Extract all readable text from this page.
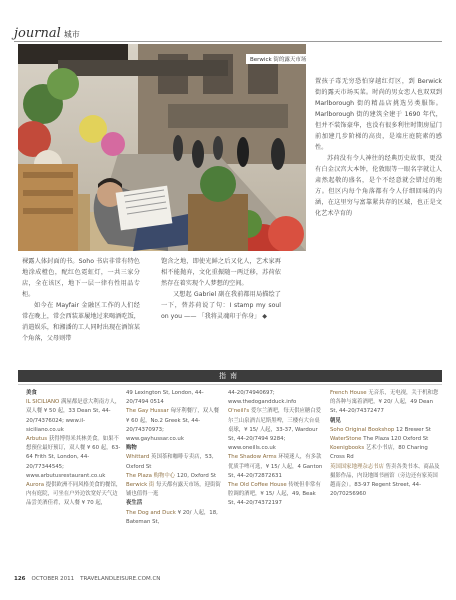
journal 城市
Berwick 街的露天市场

置孩子毒无穷恐怕穿越红灯区，到 Berwick 街的露天市场买菜。时尚的男女恋人也双双到 Marlborough 街的精品店挑选另类服饰。Marlborough 街的建筑全建于 1690 年代，但并不装饰豪华，也没有很多利往时期房屋门前加建几步阶梯的高贵，是端庄庭院素的感性。

苏荷没有令人神往的经典历史故事，更没有白金汉宫大本钟，伦敦眼等一眼名字就让人肃然起敬的盛名，是个不经意就会错过的地方。但区内每个角落都有令人仔细回味的内涵，在这里穷与富靠紧共存的区域，也正是文化艺术孕育的

裸露人体封面的书。Soho 书店非常有特色地涂成橙色，配红色霓虹灯，一共三家分店，全在该区，地下一层一律有性用品专柜。

如今在 Mayfair 金融区工作的人们经常在晚上，常会西装革履地过来喝酒吃饭，消遣娱乐，和湘潘的工人同时出现在酒馆某个角落，父母则带

饱含之地，即使光鲜之后又化人，艺术家再相不能抛弃，文化重振随一两迁移，苏荷依然存在着实现个人梦想的空间。

又想起 Gabriel 副在我前都用局描绘了一下，替苏荷说了句：I stamp my soul on you —— 「我将灵魂印于你身」 ◆

指南
美食
IL SICILIANO 满屋都是意大利南方人，双人餐 ¥ 50 起，33 Dean St, 44-20/74376024; www.il-siciliano.co.uk
Arbutus 获得博得米其林美食。如果不想预位最好预订，双人餐 ¥ 60 起，63-64 Frith St, London, 44-20/77344545; www.arbutusrestaurant.co.uk
Aurora 提供欧洲不同风格美食的餐馆，内有庭院，可坐在户外边饮宽好天气边品尝美酒佳肴，双人餐 ¥ 70 起，

49 Lexington St, London, 44-20/7494 0514
The Gay Hussar 匈牙利餐厅，双人餐 ¥ 60 起，No.2 Greek St, 44-20/74370973; www.gayhussar.co.uk

购物
Whittard 英国茶和咖啡专卖店，53, Oxford St
The Plaza 购物中心 120, Oxford St
Berwick 街 每天都有露天市场，迎街街铺也值得一逛

夜生活
The Dog and Duck ¥ 20/ 人起，18, Bateman St,

44-20/74940697; www.thedogandduck.info
O'neill's 爱尔兰酒吧，每天供应糖白爱尔兰山泉酒吉尼斯黑啤，三楼有大台桌桌球，¥ 15/ 人起，33-37, Wardour St, 44-20/7494 9284; www.oneills.co.uk
The Shadow Arms 环境迷人，有多款优质手啤可选，¥ 15/ 人起，4 Ganton St, 44-20/72872631
The Old Coffee House 传统但非常有腔调的酒吧，¥ 15/ 人起，49, Beak St, 44-20/74372197

French House 无音乐，无电视，关于机和您的各种与寓着酒吧，¥ 20/ 人起，49 Dean St, 44-20/74372477

朝见
Soho Original Bookshop 12 Brewer St
WaterStone The Plaza 120 Oxford St
Koenigbooks 艺术小书店，80 Charing Cross Rd
英国国家地理杂志书店 售卖各类书本、商品及摄影作品，内设地图书画馆（旁边还有家英国越南会）。83-97 Regent Street, 44-20/70256960

126 OCTOBER 2011 TRAVELANDLEISURE.COM.CN
